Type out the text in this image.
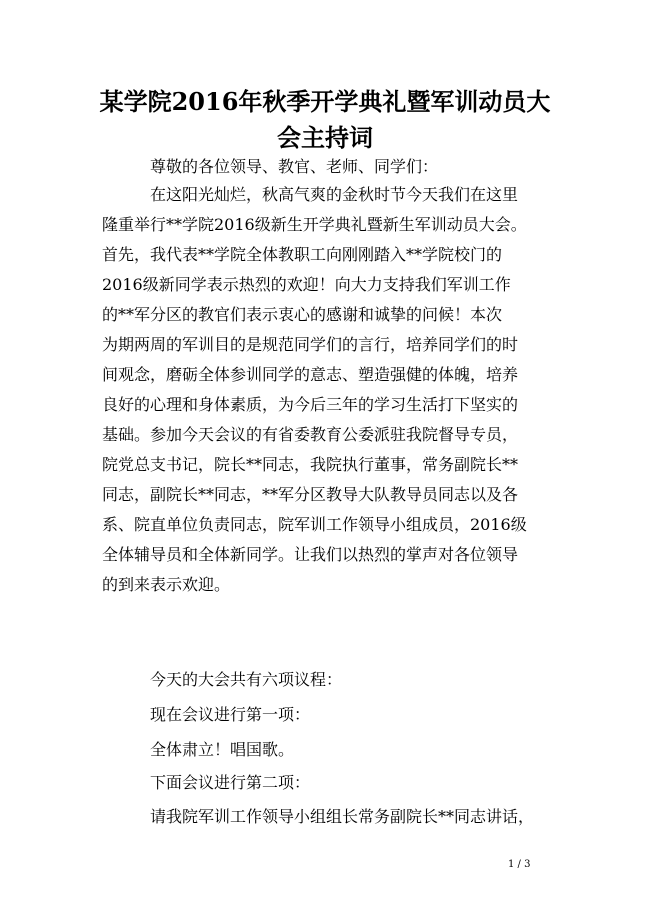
某学院2016年秋季开学典礼暨军训动员大
会主持词

尊敬的各位领导、教官、老师、同学们：

在这阳光灿烂，秋高气爽的金秋时节今天我们在这里
隆重举行**学院2016级新生开学典礼暨新生军训动员大会。
首先，我代表**学院全体教职工向刚刚踏入**学院校门的
2016级新同学表示热烈的欢迎！向大力支持我们军训工作
的**军分区的教官们表示衷心的感谢和诚挚的问候！本次
为期两周的军训目的是规范同学们的言行，培养同学们的时
间观念，磨砺全体参训同学的意志、塑造强健的体魄，培养
良好的心理和身体素质，为今后三年的学习生活打下坚实的
基础。参加今天会议的有省委教育公委派驻我院督导专员，
院党总支书记，院长**同志，我院执行董事，常务副院长**
同志，副院长**同志，**军分区教导大队教导员同志以及各
系、院直单位负责同志，院军训工作领导小组成员，2016级
全体辅导员和全体新同学。让我们以热烈的掌声对各位领导
的到来表示欢迎。

今天的大会共有六项议程：

现在会议进行第一项：

全体肃立！唱国歌。

下面会议进行第二项：

请我院军训工作领导小组组长常务副院长**同志讲话，

1 / 3
